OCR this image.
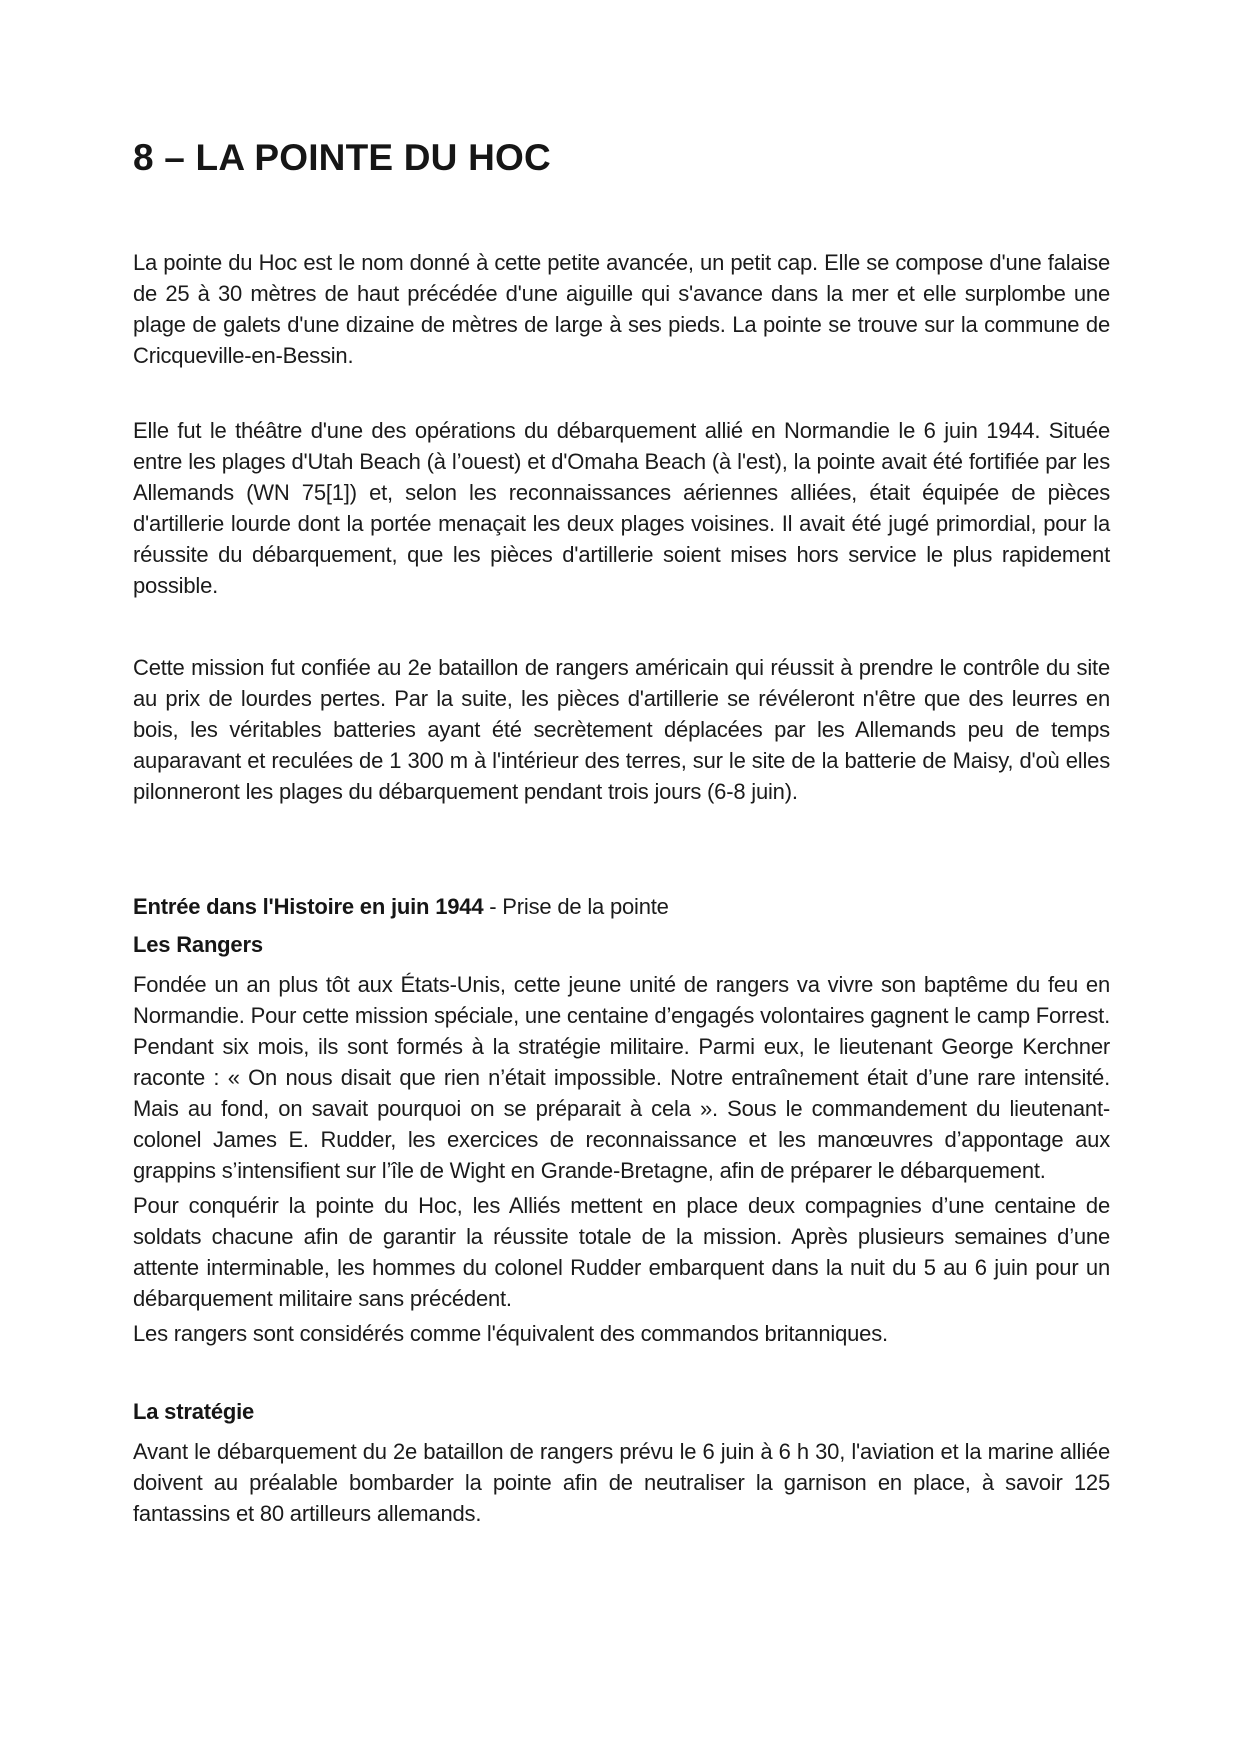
8 – LA POINTE DU HOC

La pointe du Hoc est le nom donné à cette petite avancée, un petit cap. Elle se compose d'une falaise de 25 à 30 mètres de haut précédée d'une aiguille qui s'avance dans la mer et elle surplombe une plage de galets d'une dizaine de mètres de large à ses pieds. La pointe se trouve sur la commune de Cricqueville-en-Bessin.

Elle fut le théâtre d'une des opérations du débarquement allié en Normandie le 6 juin 1944. Située entre les plages d'Utah Beach (à l’ouest) et d'Omaha Beach (à l'est), la pointe avait été fortifiée par les Allemands (WN 75[1]) et, selon les reconnaissances aériennes alliées, était équipée de pièces d'artillerie lourde dont la portée menaçait les deux plages voisines. Il avait été jugé primordial, pour la réussite du débarquement, que les pièces d'artillerie soient mises hors service le plus rapidement possible.

Cette mission fut confiée au 2e bataillon de rangers américain qui réussit à prendre le contrôle du site au prix de lourdes pertes. Par la suite, les pièces d'artillerie se révéleront n'être que des leurres en bois, les véritables batteries ayant été secrètement déplacées par les Allemands peu de temps auparavant et reculées de 1 300 m à l'intérieur des terres, sur le site de la batterie de Maisy, d'où elles pilonneront les plages du débarquement pendant trois jours (6-8 juin).

Entrée dans l'Histoire en juin 1944 - Prise de la pointe

Les Rangers

Fondée un an plus tôt aux États-Unis, cette jeune unité de rangers va vivre son baptême du feu en Normandie. Pour cette mission spéciale, une centaine d’engagés volontaires gagnent le camp Forrest. Pendant six mois, ils sont formés à la stratégie militaire. Parmi eux, le lieutenant George Kerchner raconte : « On nous disait que rien n’était impossible. Notre entraînement était d’une rare intensité. Mais au fond, on savait pourquoi on se préparait à cela ». Sous le commandement du lieutenant-colonel James E. Rudder, les exercices de reconnaissance et les manœuvres d’appontage aux grappins s’intensifient sur l’île de Wight en Grande-Bretagne, afin de préparer le débarquement.

Pour conquérir la pointe du Hoc, les Alliés mettent en place deux compagnies d’une centaine de soldats chacune afin de garantir la réussite totale de la mission. Après plusieurs semaines d’une attente interminable, les hommes du colonel Rudder embarquent dans la nuit du 5 au 6 juin pour un débarquement militaire sans précédent.

Les rangers sont considérés comme l'équivalent des commandos britanniques.

La stratégie

Avant le débarquement du 2e bataillon de rangers prévu le 6 juin à 6 h 30, l'aviation et la marine alliée doivent au préalable bombarder la pointe afin de neutraliser la garnison en place, à savoir 125 fantassins et 80 artilleurs allemands.
